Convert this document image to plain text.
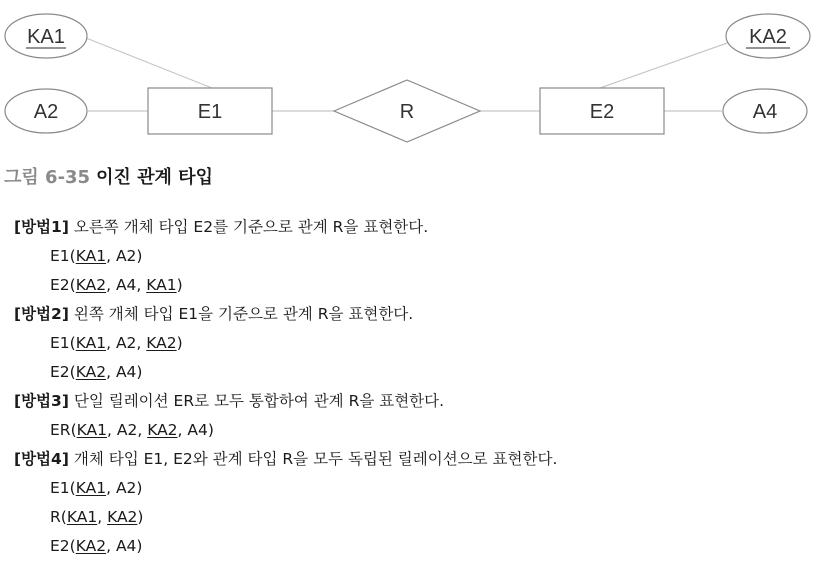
KA1
A2	E1	R	E2
KA2
A4
그림 6-35 이진 관계 타입
[방법1] 오른쪽 개체 타입 E2를 기준으로 관계 R을 표현한다.
E1(KA1, A2)
E2(KA2, A4, KA1)
[방법2] 왼쪽 개체 타입 E1을 기준으로 관계 R을 표현한다.
E1(KA1, A2, KA2)
E2(KA2, A4)
[방법3] 단일 릴레이션 ER로 모두 통합하여 관계 R을 표현한다.
ER(KA1, A2, KA2, A4)
[방법4] 개체 타입 E1, E2와 관계 타입 R을 모두 독립된 릴레이션으로 표현한다.
E1(KA1, A2)
R(KA1, KA2)
E2(KA2, A4)
